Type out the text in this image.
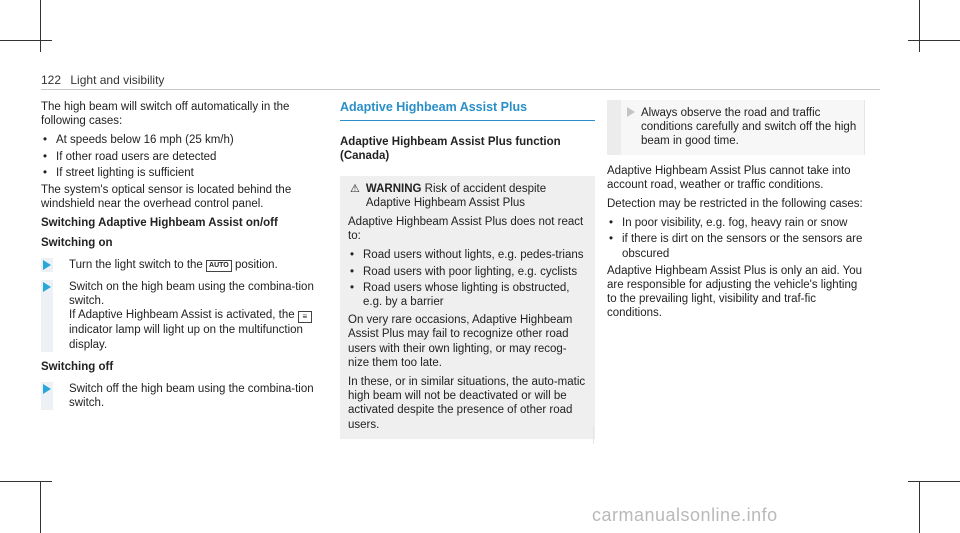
122 Light and visibility

The high beam will switch off automatically in the following cases:

• At speeds below 16 mph (25 km/h)
• If other road users are detected
• If street lighting is sufficient

The system's optical sensor is located behind the windshield near the overhead control panel.

Switching Adaptive Highbeam Assist on/off

Switching on

Turn the light switch to the AUTO position.
Switch on the high beam using the combina-tion switch.
If Adaptive Highbeam Assist is activated, the ≡ indicator lamp will light up on the multifunction display.

Switching off

Switch off the high beam using the combina-tion switch.
Adaptive Highbeam Assist Plus

Adaptive Highbeam Assist Plus function (Canada)

⚠ WARNING Risk of accident despite Adaptive Highbeam Assist Plus

Adaptive Highbeam Assist Plus does not react to:

• Road users without lights, e.g. pedes-trians
• Road users with poor lighting, e.g. cyclists
• Road users whose lighting is obstructed, e.g. by a barrier

On very rare occasions, Adaptive Highbeam Assist Plus may fail to recognize other road users with their own lighting, or may recog-nize them too late.

In these, or in similar situations, the auto-matic high beam will not be deactivated or will be activated despite the presence of other road users.

Always observe the road and traffic conditions carefully and switch off the high beam in good time.

Adaptive Highbeam Assist Plus cannot take into account road, weather or traffic conditions.

Detection may be restricted in the following cases:

• In poor visibility, e.g. fog, heavy rain or snow
• if there is dirt on the sensors or the sensors are obscured

Adaptive Highbeam Assist Plus is only an aid. You are responsible for adjusting the vehicle's lighting to the prevailing light, visibility and traf-fic conditions.

carmanualsonline.info
